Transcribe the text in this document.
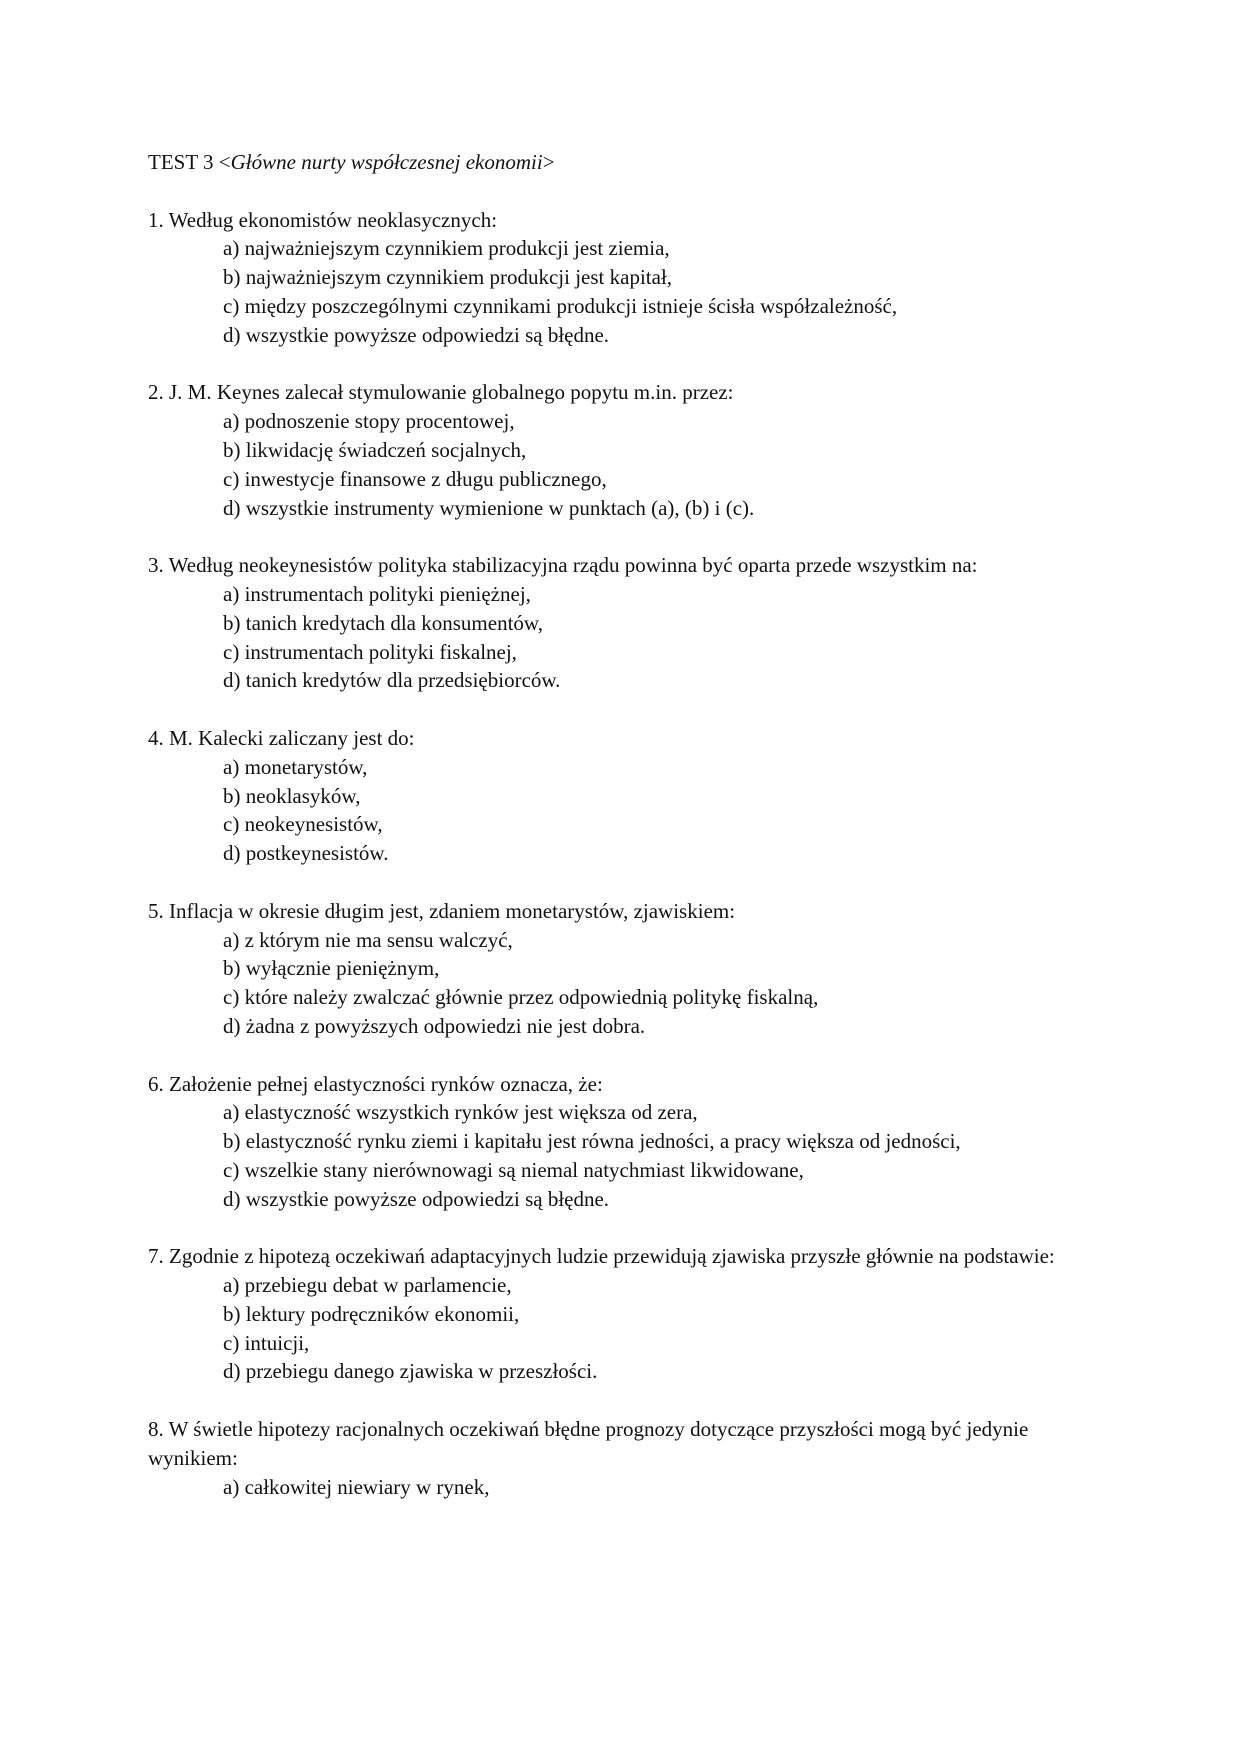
TEST 3 <Główne nurty współczesnej ekonomii>

1. Według ekonomistów neoklasycznych:

a) najważniejszym czynnikiem produkcji jest ziemia,
b) najważniejszym czynnikiem produkcji jest kapitał,
c) między poszczególnymi czynnikami produkcji istnieje ścisła współzależność,
d) wszystkie powyższe odpowiedzi są błędne.

2. J. M. Keynes zalecał stymulowanie globalnego popytu m.in. przez:

a) podnoszenie stopy procentowej,
b) likwidację świadczeń socjalnych,
c) inwestycje finansowe z długu publicznego,
d) wszystkie instrumenty wymienione w punktach (a), (b) i (c).

3. Według neokeynesistów polityka stabilizacyjna rządu powinna być oparta przede wszystkim na:

a) instrumentach polityki pieniężnej,
b) tanich kredytach dla konsumentów,
c) instrumentach polityki fiskalnej,
d) tanich kredytów dla przedsiębiorców.

4. M. Kalecki zaliczany jest do:

a) monetarystów,
b) neoklasyków,
c) neokeynesistów,
d) postkeynesistów.

5. Inflacja w okresie długim jest, zdaniem monetarystów, zjawiskiem:

a) z którym nie ma sensu walczyć,
b) wyłącznie pieniężnym,
c) które należy zwalczać głównie przez odpowiednią politykę fiskalną,
d) żadna z powyższych odpowiedzi nie jest dobra.

6. Założenie pełnej elastyczności rynków oznacza, że:

a) elastyczność wszystkich rynków jest większa od zera,
b) elastyczność rynku ziemi i kapitału jest równa jedności, a pracy większa od jedności,
c) wszelkie stany nierównowagi są niemal natychmiast likwidowane,
d) wszystkie powyższe odpowiedzi są błędne.

7. Zgodnie z hipotezą oczekiwań adaptacyjnych ludzie przewidują zjawiska przyszłe głównie na podstawie:

a) przebiegu debat w parlamencie,
b) lektury podręczników ekonomii,
c) intuicji,
d) przebiegu danego zjawiska w przeszłości.

8. W świetle hipotezy racjonalnych oczekiwań błędne prognozy dotyczące przyszłości mogą być jedynie wynikiem:

a) całkowitej niewiary w rynek,
